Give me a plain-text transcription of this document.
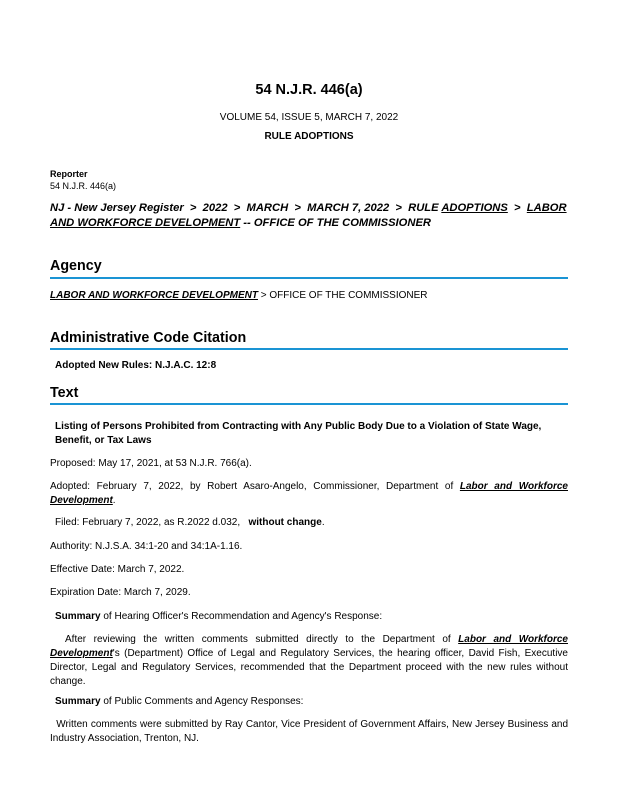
54 N.J.R. 446(a)
VOLUME 54, ISSUE 5, MARCH 7, 2022
RULE ADOPTIONS
Reporter
54 N.J.R. 446(a)
NJ - New Jersey Register  >  2022  >  MARCH  >  MARCH 7, 2022  >  RULE ADOPTIONS  >  LABOR
AND WORKFORCE DEVELOPMENT -- OFFICE OF THE COMMISSIONER
Agency
LABOR AND WORKFORCE DEVELOPMENT > OFFICE OF THE COMMISSIONER
Administrative Code Citation
Adopted New Rules: N.J.A.C. 12:8
Text
Listing of Persons Prohibited from Contracting with Any Public Body Due to a Violation of State Wage, Benefit, or Tax Laws
Proposed: May 17, 2021, at 53 N.J.R. 766(a).
Adopted: February 7, 2022, by Robert Asaro-Angelo, Commissioner, Department of Labor and Workforce Development.
Filed: February 7, 2022, as R.2022 d.032, without change.
Authority: N.J.S.A. 34:1-20 and 34:1A-1.16.
Effective Date: March 7, 2022.
Expiration Date: March 7, 2029.
Summary of Hearing Officer's Recommendation and Agency's Response:
After reviewing the written comments submitted directly to the Department of Labor and Workforce Development's (Department) Office of Legal and Regulatory Services, the hearing officer, David Fish, Executive Director, Legal and Regulatory Services, recommended that the Department proceed with the new rules without change.
Summary of Public Comments and Agency Responses:
Written comments were submitted by Ray Cantor, Vice President of Government Affairs, New Jersey Business and Industry Association, Trenton, NJ.
